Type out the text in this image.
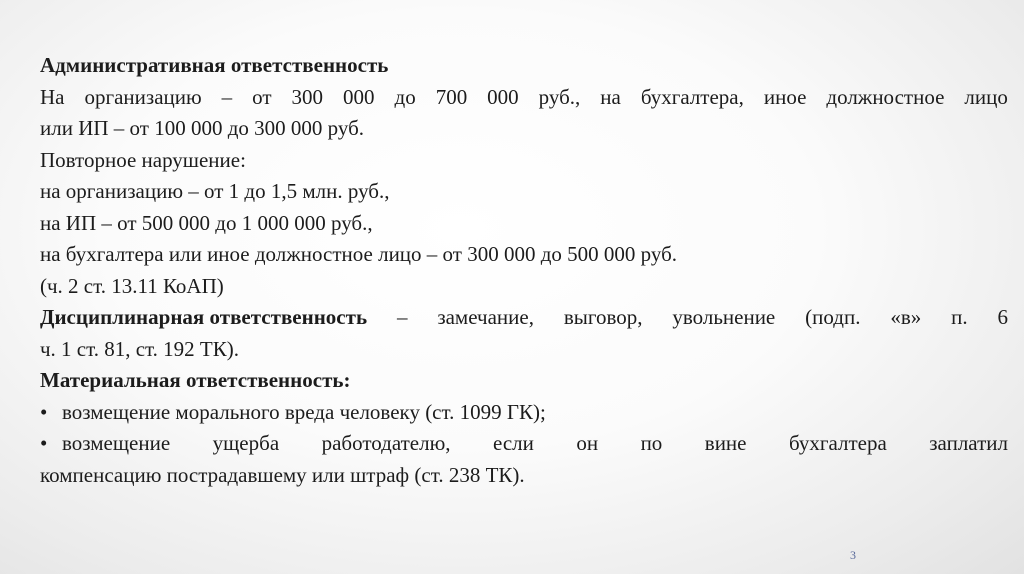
Административная ответственность
На организацию – от 300 000 до 700 000 руб., на бухгалтера, иное должностное лицо
или ИП – от 100 000 до 300 000 руб.
Повторное нарушение:
на организацию – от 1 до 1,5 млн. руб.,
на ИП – от 500 000 до 1 000 000 руб.,
на бухгалтера или иное должностное лицо – от 300 000 до 500 000 руб.
(ч. 2 ст. 13.11 КоАП)
Дисциплинарная ответственность – замечание, выговор, увольнение (подп. «в» п. 6
ч. 1 ст. 81, ст. 192 ТК).
Материальная ответственность:
• возмещение морального вреда человеку (ст. 1099 ГК);
• возмещение ущерба работодателю, если он по вине бухгалтера заплатил
компенсацию пострадавшему или штраф (ст. 238 ТК).
3
